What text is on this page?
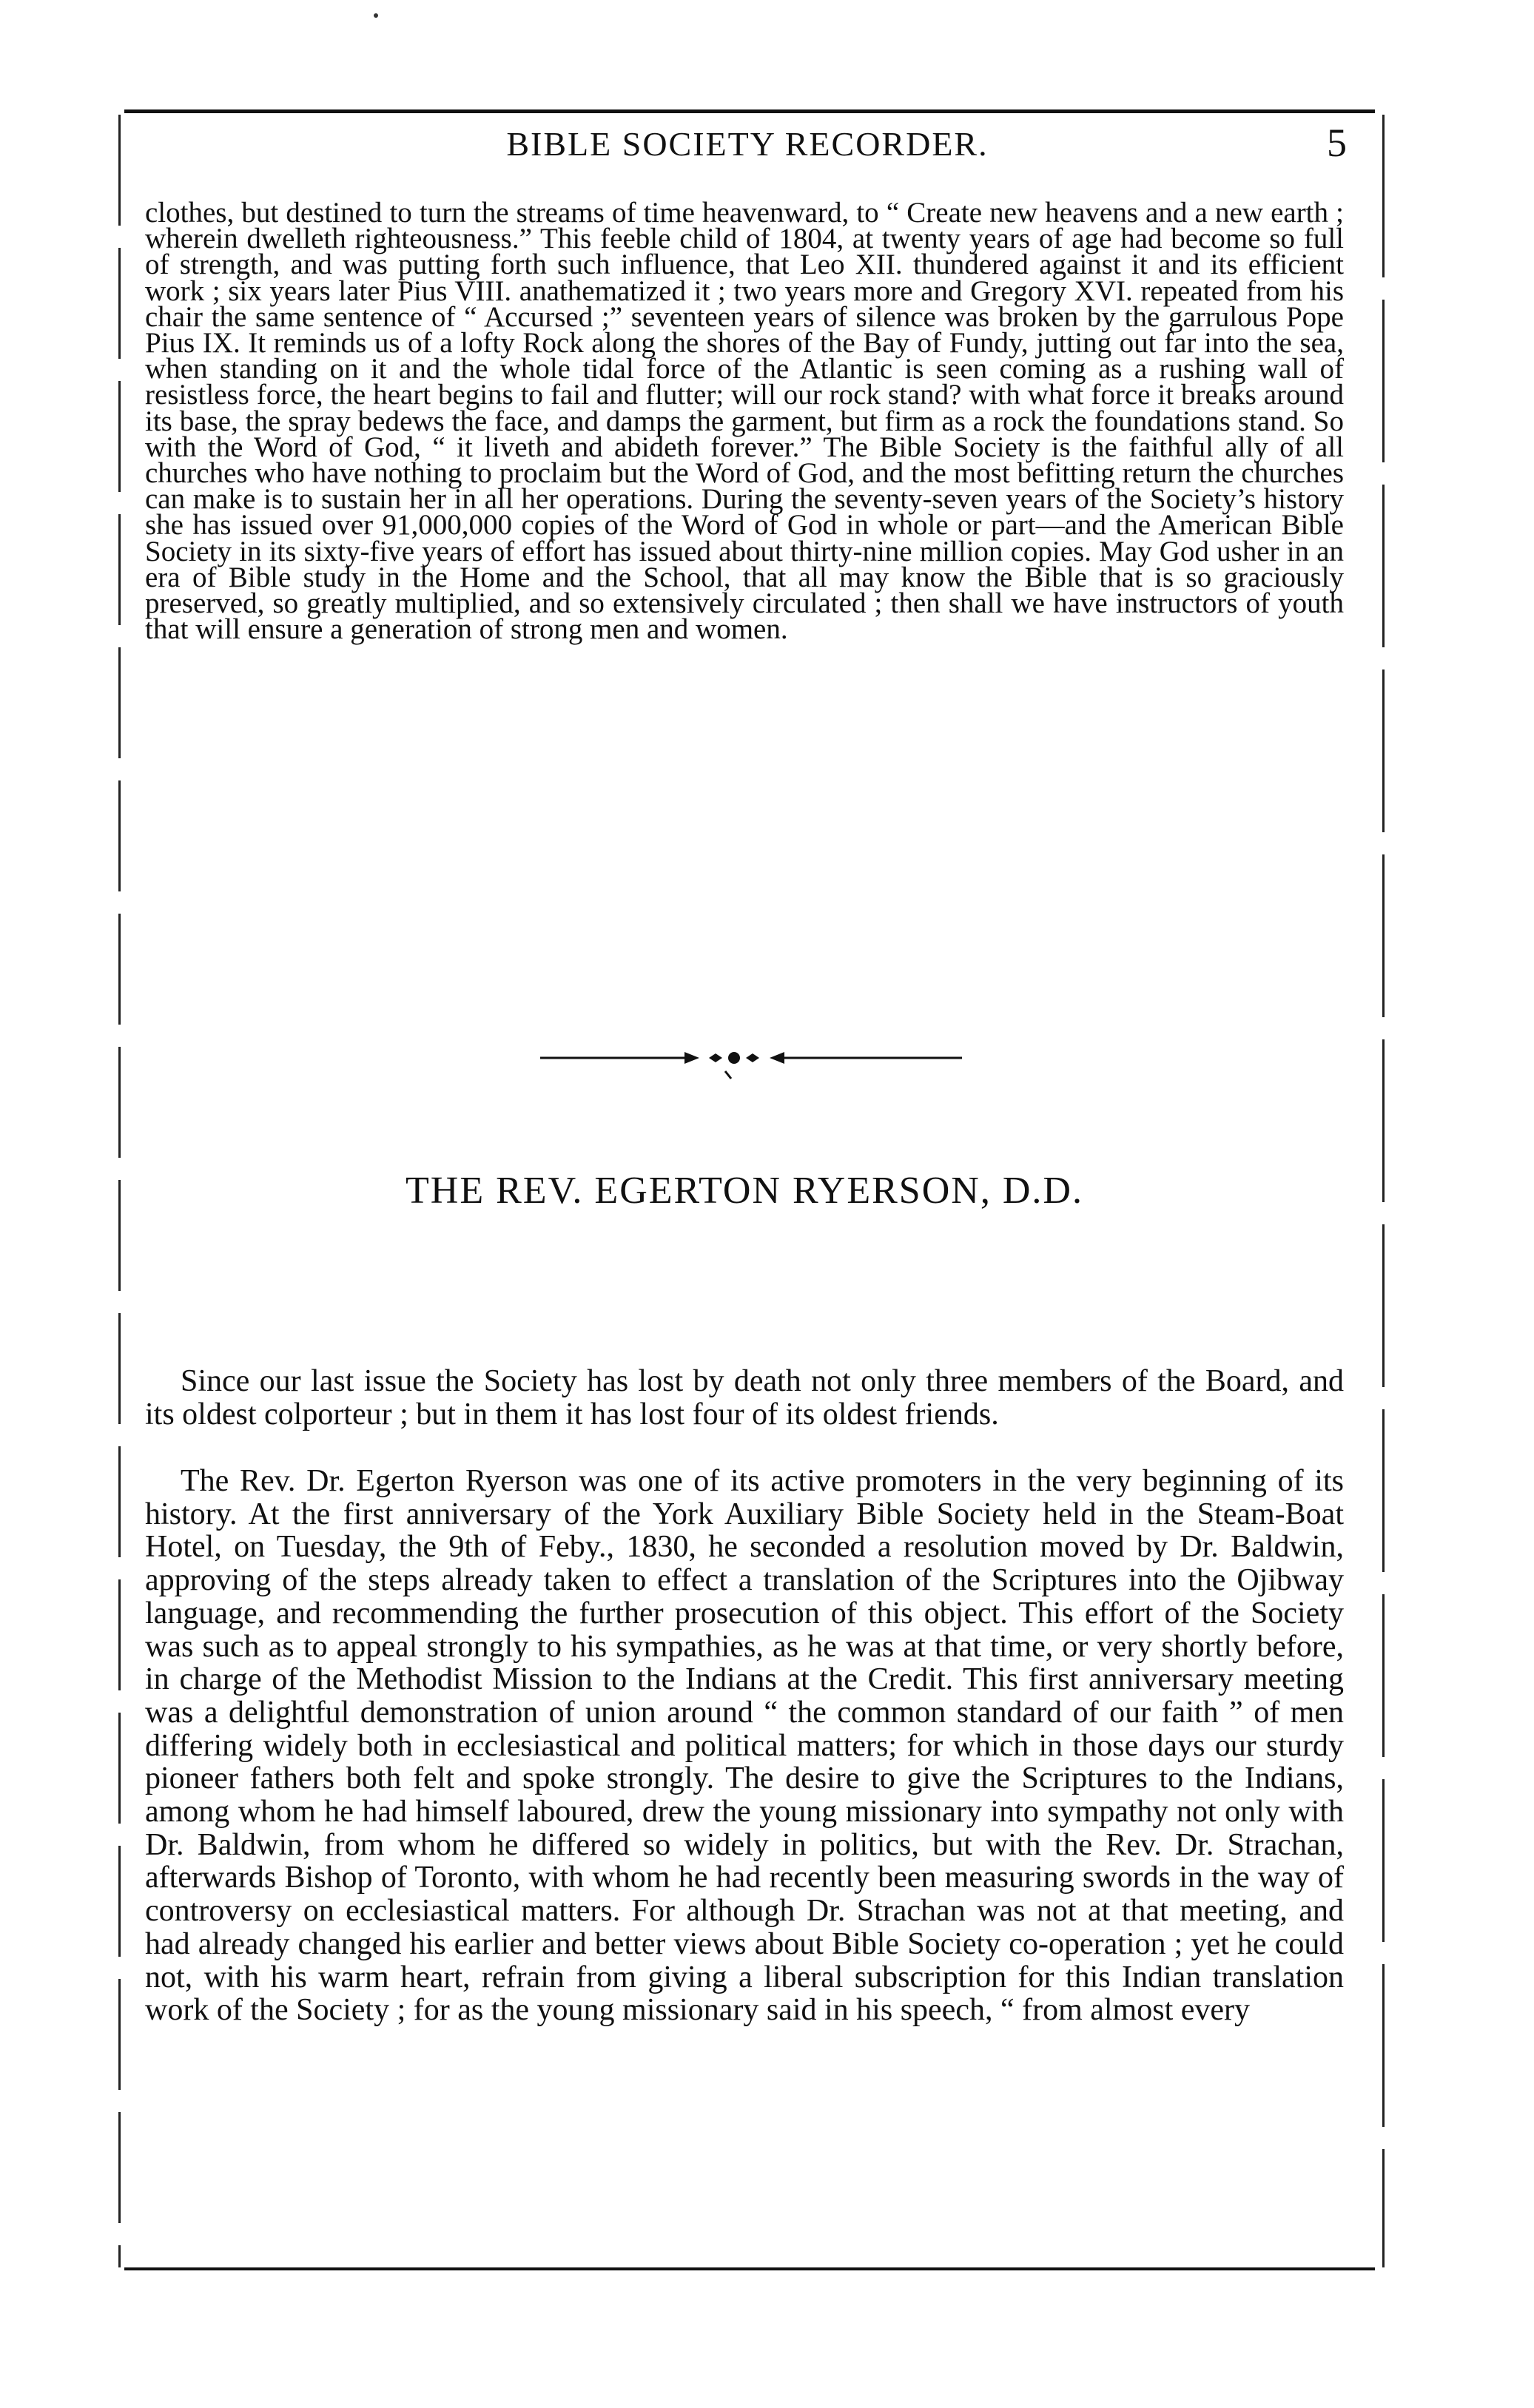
BIBLE SOCIETY RECORDER.	5

clothes, but destined to turn the streams of time heavenward, to “ Create new heavens and a new earth ; wherein dwelleth righteousness.” This feeble child of 1804, at twenty years of age had become so full of strength, and was putting forth such influence, that Leo XII. thundered against it and its efficient work ; six years later Pius VIII. anathematized it ; two years more and Gregory XVI. repeated from his chair the same sentence of “ Accursed ;” seventeen years of silence was broken by the garrulous Pope Pius IX. It reminds us of a lofty Rock along the shores of the Bay of Fundy, jutting out far into the sea, when standing on it and the whole tidal force of the Atlantic is seen coming as a rushing wall of resistless force, the heart begins to fail and flutter; will our rock stand? with what force it breaks around its base, the spray bedews the face, and damps the garment, but firm as a rock the foundations stand. So with the Word of God, “ it liveth and abideth forever.” The Bible Society is the faithful ally of all churches who have nothing to proclaim but the Word of God, and the most befitting return the churches can make is to sustain her in all her operations. During the seventy-seven years of the Society’s history she has issued over 91,000,000 copies of the Word of God in whole or part—and the American Bible Society in its sixty-five years of effort has issued about thirty-nine million copies. May God usher in an era of Bible study in the Home and the School, that all may know the Bible that is so graciously preserved, so greatly multiplied, and so extensively circulated ; then shall we have instructors of youth that will ensure a generation of strong men and women.

THE REV. EGERTON RYERSON, D.D.

Since our last issue the Society has lost by death not only three members of the Board, and its oldest colporteur ; but in them it has lost four of its oldest friends.

The Rev. Dr. Egerton Ryerson was one of its active promoters in the very beginning of its history. At the first anniversary of the York Auxiliary Bible Society held in the Steam-Boat Hotel, on Tuesday, the 9th of Feby., 1830, he seconded a resolution moved by Dr. Baldwin, approving of the steps already taken to effect a translation of the Scriptures into the Ojibway language, and recommending the further prosecution of this object. This effort of the Society was such as to appeal strongly to his sympathies, as he was at that time, or very shortly before, in charge of the Methodist Mission to the Indians at the Credit. This first anniversary meeting was a delightful demonstration of union around “ the common standard of our faith ” of men differing widely both in ecclesiastical and political matters; for which in those days our sturdy pioneer fathers both felt and spoke strongly. The desire to give the Scriptures to the Indians, among whom he had himself laboured, drew the young missionary into sympathy not only with Dr. Baldwin, from whom he differed so widely in politics, but with the Rev. Dr. Strachan, afterwards Bishop of Toronto, with whom he had recently been measuring swords in the way of controversy on ecclesiastical matters. For although Dr. Strachan was not at that meeting, and had already changed his earlier and better views about Bible Society co-operation ; yet he could not, with his warm heart, refrain from giving a liberal subscription for this Indian translation work of the Society ; for as the young missionary said in his speech, “ from almost every
